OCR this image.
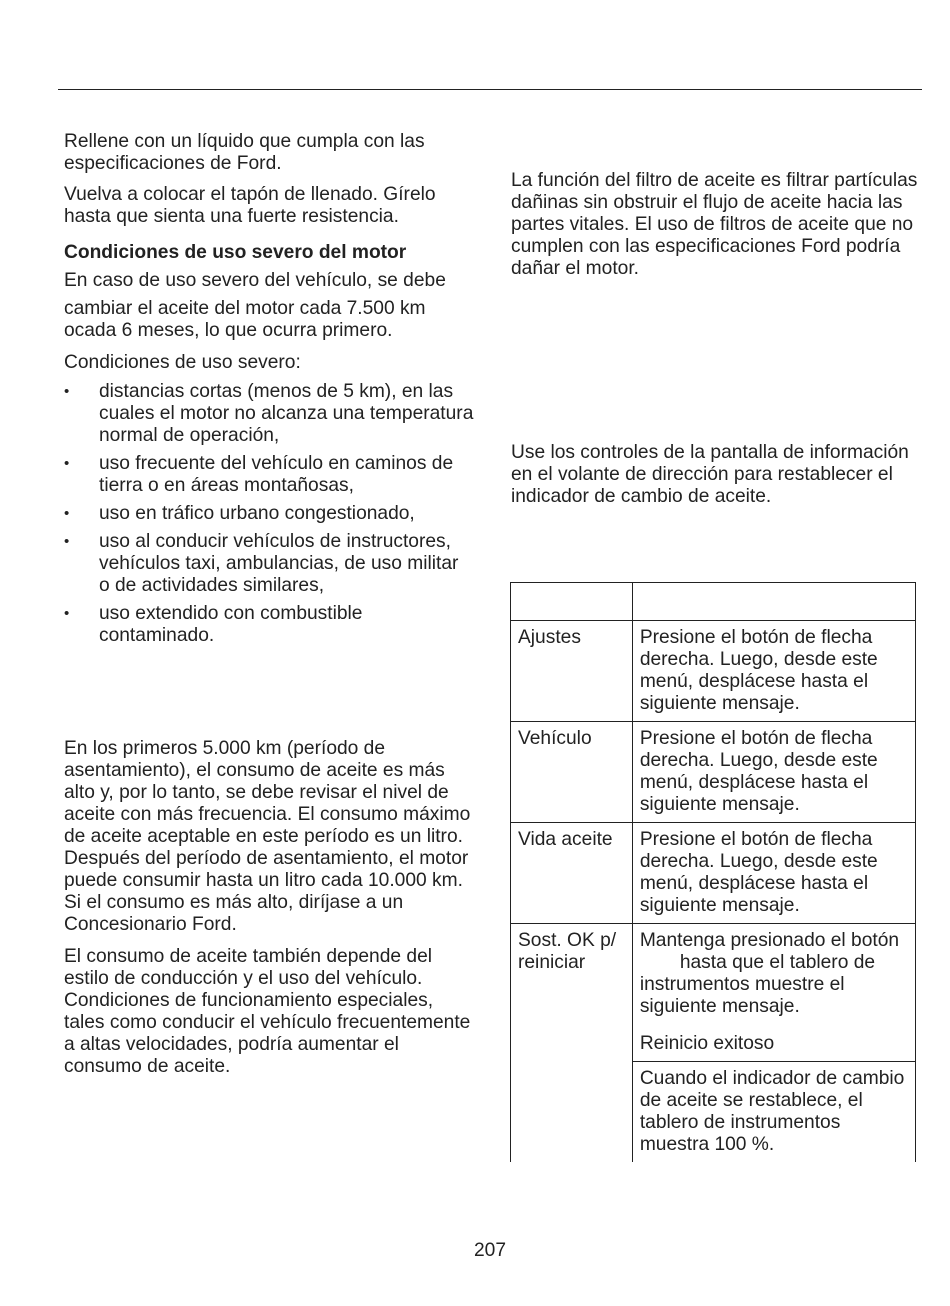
Rellene con un líquido que cumpla con las especificaciones de Ford.

Vuelva a colocar el tapón de llenado. Gírelo hasta que sienta una fuerte resistencia.

Condiciones de uso severo del motor

En caso de uso severo del vehículo, se debe

cambiar el aceite del motor cada 7.500 km ocada 6 meses, lo que ocurra primero.

Condiciones de uso severo:

• distancias cortas (menos de 5 km), en las cuales el motor no alcanza una temperatura normal de operación,
• uso frecuente del vehículo en caminos de tierra o en áreas montañosas,
• uso en tráfico urbano congestionado,
• uso al conducir vehículos de instructores, vehículos taxi, ambulancias, de uso militar o de actividades similares,
• uso extendido con combustible contaminado.

En los primeros 5.000 km (período de asentamiento), el consumo de aceite es más alto y, por lo tanto, se debe revisar el nivel de aceite con más frecuencia. El consumo máximo de aceite aceptable en este período es un litro. Después del período de asentamiento, el motor puede consumir hasta un litro cada 10.000 km. Si el consumo es más alto, diríjase a un Concesionario Ford.

El consumo de aceite también depende del estilo de conducción y el uso del vehículo. Condiciones de funcionamiento especiales, tales como conducir el vehículo frecuentemente a altas velocidades, podría aumentar el consumo de aceite.

La función del filtro de aceite es filtrar partículas dañinas sin obstruir el flujo de aceite hacia las partes vitales. El uso de filtros de aceite que no cumplen con las especificaciones Ford podría dañar el motor.

Use los controles de la pantalla de información en el volante de dirección para restablecer el indicador de cambio de aceite.

Ajustes	Presione el botón de flecha derecha. Luego, desde este menú, desplácese hasta el siguiente mensaje.
Vehículo	Presione el botón de flecha derecha. Luego, desde este menú, desplácese hasta el siguiente mensaje.
Vida aceite	Presione el botón de flecha derecha. Luego, desde este menú, desplácese hasta el siguiente mensaje.
Sost. OK p/ reiniciar	Mantenga presionado el botónhasta que el tablero de instrumentos muestre el siguiente mensaje.
Reinicio exitoso

	Cuando el indicador de cambio de aceite se restablece, el tablero de instrumentos muestra 100 %.
207
